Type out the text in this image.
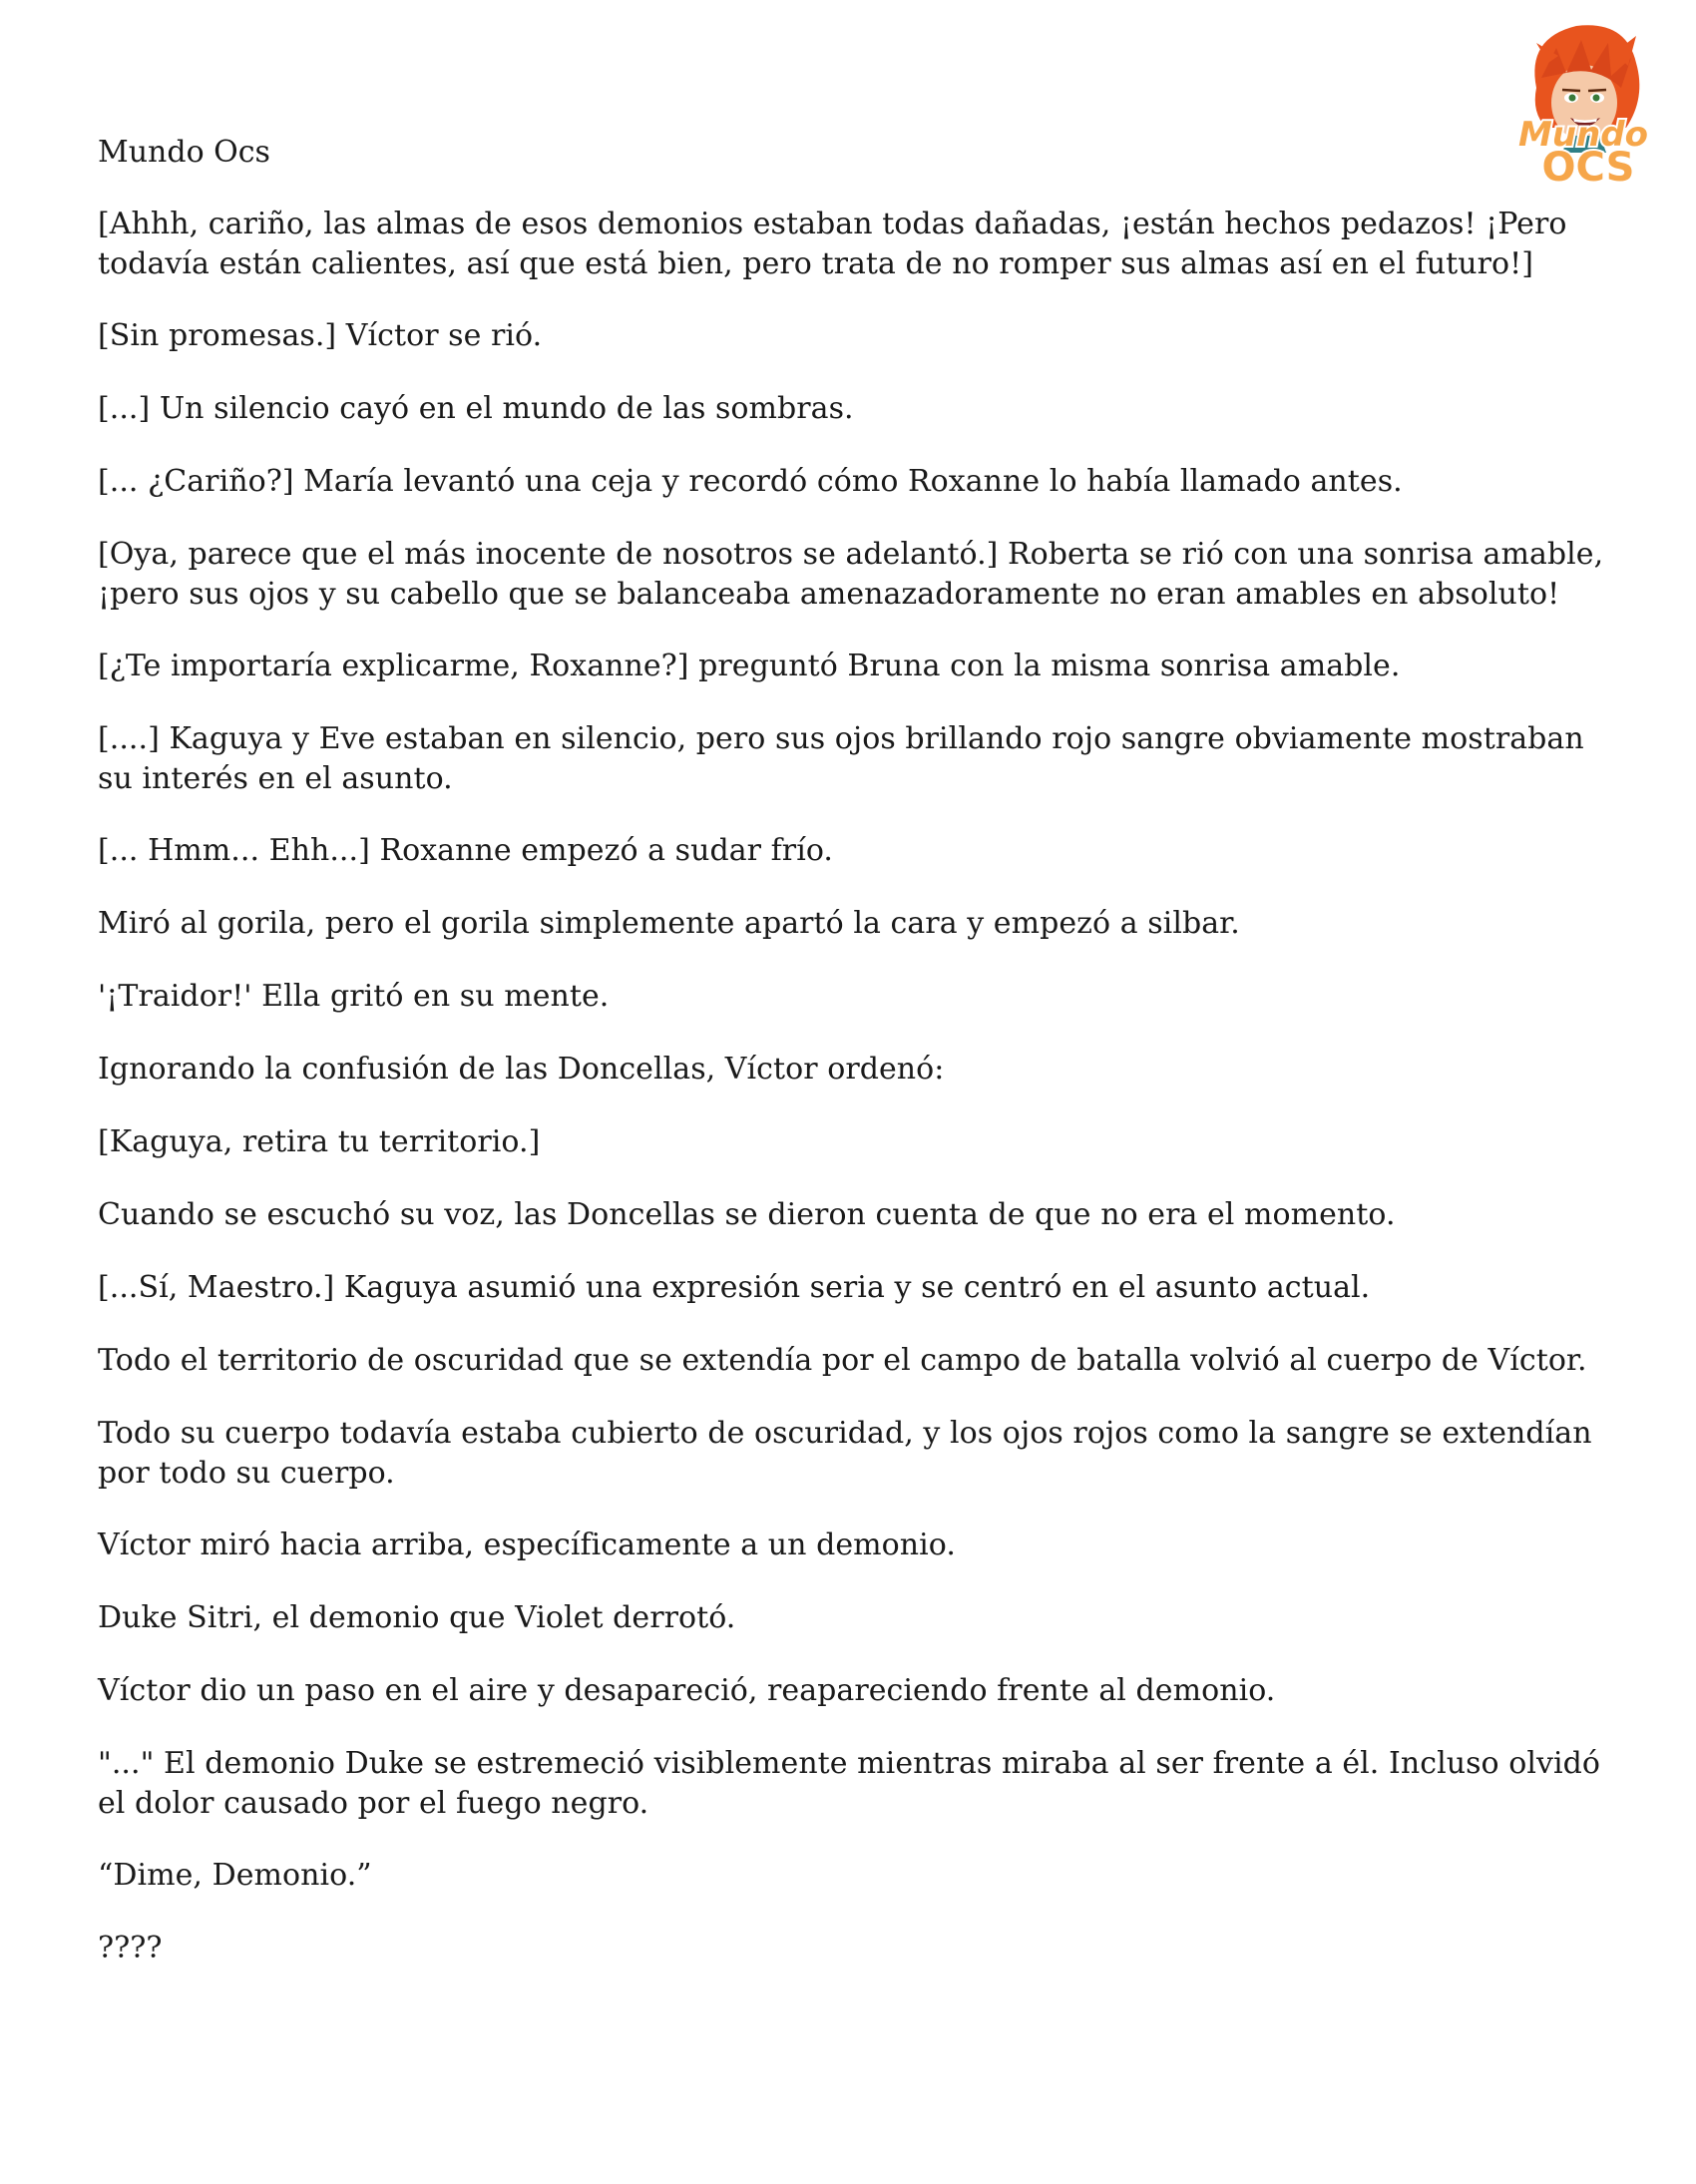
Mundo
OCS
Mundo Ocs

[Ahhh, cariño, las almas de esos demonios estaban todas dañadas, ¡están hechos pedazos! ¡Pero todavía están calientes, así que está bien, pero trata de no romper sus almas así en el futuro!]

[Sin promesas.] Víctor se rió.

[...] Un silencio cayó en el mundo de las sombras.

[... ¿Cariño?] María levantó una ceja y recordó cómo Roxanne lo había llamado antes.

[Oya, parece que el más inocente de nosotros se adelantó.] Roberta se rió con una sonrisa amable, ¡pero sus ojos y su cabello que se balanceaba amenazadoramente no eran amables en absoluto!

[¿Te importaría explicarme, Roxanne?] preguntó Bruna con la misma sonrisa amable.

[....] Kaguya y Eve estaban en silencio, pero sus ojos brillando rojo sangre obviamente mostraban su interés en el asunto.

[... Hmm... Ehh...] Roxanne empezó a sudar frío.

Miró al gorila, pero el gorila simplemente apartó la cara y empezó a silbar.

'¡Traidor!' Ella gritó en su mente.

Ignorando la confusión de las Doncellas, Víctor ordenó:

[Kaguya, retira tu territorio.]

Cuando se escuchó su voz, las Doncellas se dieron cuenta de que no era el momento.

[...Sí, Maestro.] Kaguya asumió una expresión seria y se centró en el asunto actual.

Todo el territorio de oscuridad que se extendía por el campo de batalla volvió al cuerpo de Víctor.

Todo su cuerpo todavía estaba cubierto de oscuridad, y los ojos rojos como la sangre se extendían por todo su cuerpo.

Víctor miró hacia arriba, específicamente a un demonio.

Duke Sitri, el demonio que Violet derrotó.

Víctor dio un paso en el aire y desapareció, reapareciendo frente al demonio.

"..." El demonio Duke se estremeció visiblemente mientras miraba al ser frente a él. Incluso olvidó el dolor causado por el fuego negro.

“Dime, Demonio.”

????
